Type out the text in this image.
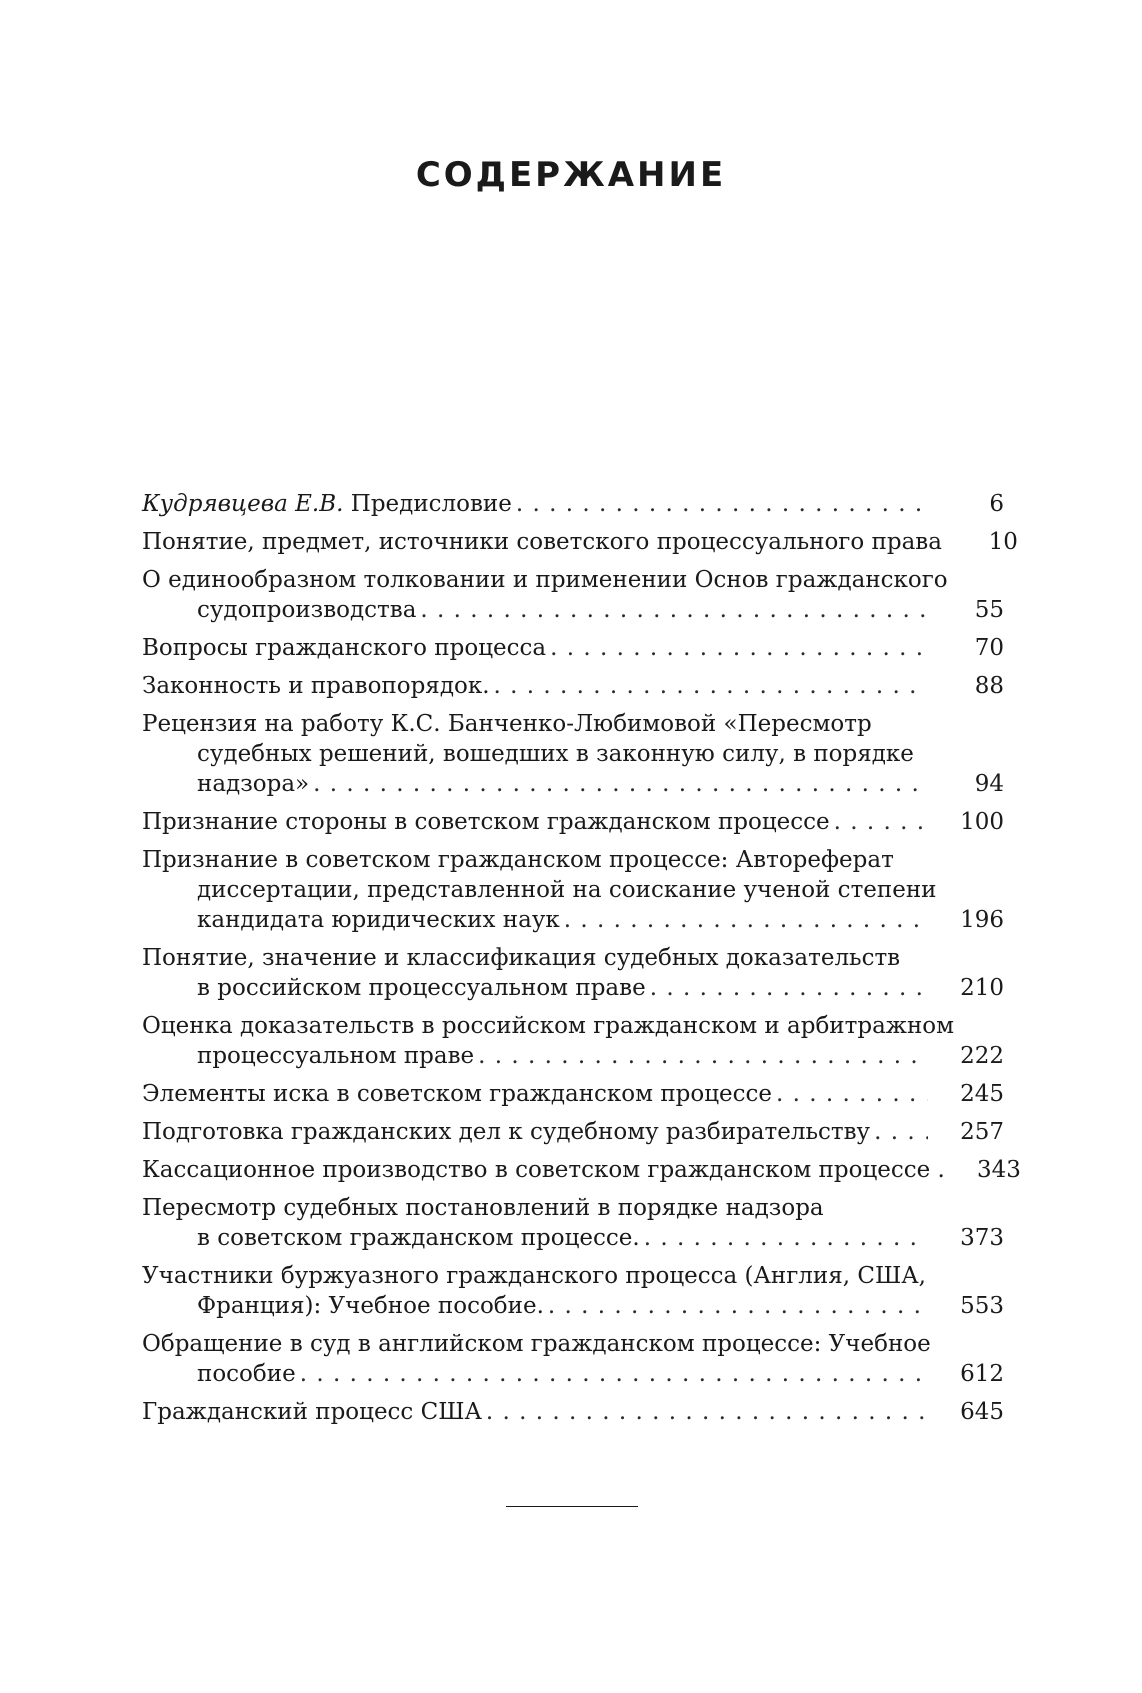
СОДЕРЖАНИЕ
Кудрявцева Е.В. Предисловие . . .	6
Понятие, предмет, источники советского процессуального права	10
О единообразном толковании и применении Основ гражданского
судопроизводства . . .	55
Вопросы гражданского процесса . . .	70
Законность и правопорядок. . . .	88
Рецензия на работу К.С. Банченко-Любимовой «Пересмотр
судебных решений, вошедших в законную силу, в порядке
надзора» . . .	94
Признание стороны в советском гражданском процессе . . .	100
Признание в советском гражданском процессе: Автореферат
диссертации, представленной на соискание ученой степени
кандидата юридических наук . . .	196
Понятие, значение и классификация судебных доказательств
в российском процессуальном праве . . .	210
Оценка доказательств в российском гражданском и арбитражном
процессуальном праве . . .	222
Элементы иска в советском гражданском процессе . . .	245
Подготовка гражданских дел к судебному разбирательству . . .	257
Кассационное производство в советском гражданском процессе .	343
Пересмотр судебных постановлений в порядке надзора
в советском гражданском процессе. . . .	373
Участники буржуазного гражданского процесса (Англия, США,
Франция): Учебное пособие. . . .	553
Обращение в суд в английском гражданском процессе: Учебное
пособие . . .	612
Гражданский процесс США . . .	645
